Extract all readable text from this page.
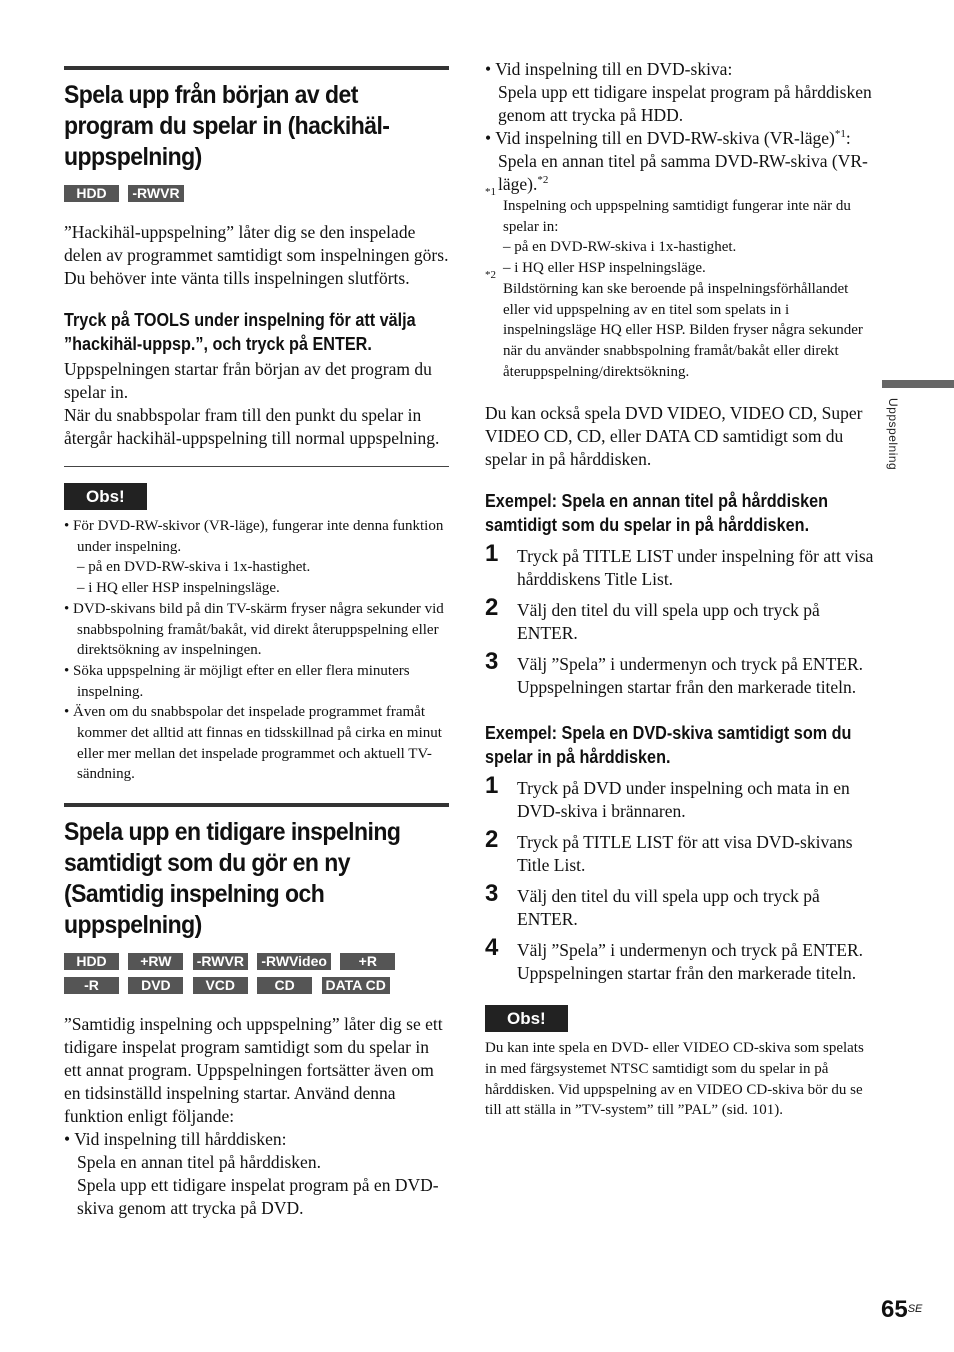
Spela upp från början av det program du spelar in (hackihäl-uppspelning)
HDD -RWVR

”Hackihäl-uppspelning” låter dig se den inspelade delen av programmet samtidigt som inspelningen görs. Du behöver inte vänta tills inspelningen slutförts.

Tryck på TOOLS under inspelning för att välja ”hackihäl-uppsp.”, och tryck på ENTER.

Uppspelningen startar från början av det program du spelar in.

När du snabbspolar fram till den punkt du spelar in återgår hackihäl-uppspelning till normal uppspelning.

Obs!
• För DVD-RW-skivor (VR-läge), fungerar inte denna funktion under inspelning.
– på en DVD-RW-skiva i 1x-hastighet.
– i HQ eller HSP inspelningsläge.
• DVD-skivans bild på din TV-skärm fryser några sekunder vid snabbspolning framåt/bakåt, vid direkt återuppspelning eller direktsökning av inspelningen.
• Söka uppspelning är möjligt efter en eller flera minuters inspelning.
• Även om du snabbspolar det inspelade programmet framåt kommer det alltid att finnas en tidsskillnad på cirka en minut eller mer mellan det inspelade programmet och aktuell TV-sändning.
Spela upp en tidigare inspelning samtidigt som du gör en ny (Samtidig inspelning och uppspelning)
HDD +RW -RWVR -RWVideo +R -R	DVD VCD	CD DATA CD

”Samtidig inspelning och uppspelning” låter dig se ett tidigare inspelat program samtidigt som du spelar in ett annat program. Uppspelningen fortsätter även om en tidsinställd inspelning startar. Använd denna funktion enligt följande:

• Vid inspelning till hårddisken:
Spela en annan titel på hårddisken.
Spela upp ett tidigare inspelat program på en DVD-skiva genom att trycka på DVD.
• Vid inspelning till en DVD-skiva:
Spela upp ett tidigare inspelat program på hårddisken genom att trycka på HDD.
• Vid inspelning till en DVD-RW-skiva (VR-läge)$^{*1}$:
Spela en annan titel på samma DVD-RW-skiva (VR-läge).$^{*2}$
*1
Inspelning och uppspelning samtidigt fungerar inte när du spelar in:
– på en DVD-RW-skiva i 1x-hastighet.
– i HQ eller HSP inspelningsläge.
*2
Bildstörning kan ske beroende på inspelningsförhållandet eller vid uppspelning av en titel som spelats in i inspelningsläge HQ eller HSP. Bilden fryser några sekunder när du använder snabbspolning framåt/bakåt eller direkt återuppspelning/direktsökning.

Du kan också spela DVD VIDEO, VIDEO CD, Super VIDEO CD, CD, eller DATA CD samtidigt som du spelar in på hårddisken.

Exempel: Spela en annan titel på hårddisken samtidigt som du spelar in på hårddisken.
1 Tryck på TITLE LIST under inspelning för att visa hårddiskens Title List.
2 Välj den titel du vill spela upp och tryck på ENTER.
3 Välj ”Spela” i undermenyn och tryck på ENTER.
Uppspelningen startar från den markerade titeln.
Exempel: Spela en DVD-skiva samtidigt som du spelar in på hårddisken.
1 Tryck på DVD under inspelning och mata in en DVD-skiva i brännaren.
2 Tryck på TITLE LIST för att visa DVD-skivans Title List.
3 Välj den titel du vill spela upp och tryck på ENTER.
4 Välj ”Spela” i undermenyn och tryck på ENTER.
Uppspelningen startar från den markerade titeln.
Obs!
Du kan inte spela en DVD- eller VIDEO CD-skiva som spelats in med färgsystemet NTSC samtidigt som du spelar in på hårddisken. Vid uppspelning av en VIDEO CD-skiva bör du se till att ställa in ”TV-system” till ”PAL” (sid. 101).
Uppspelning
$65^{SE}$
